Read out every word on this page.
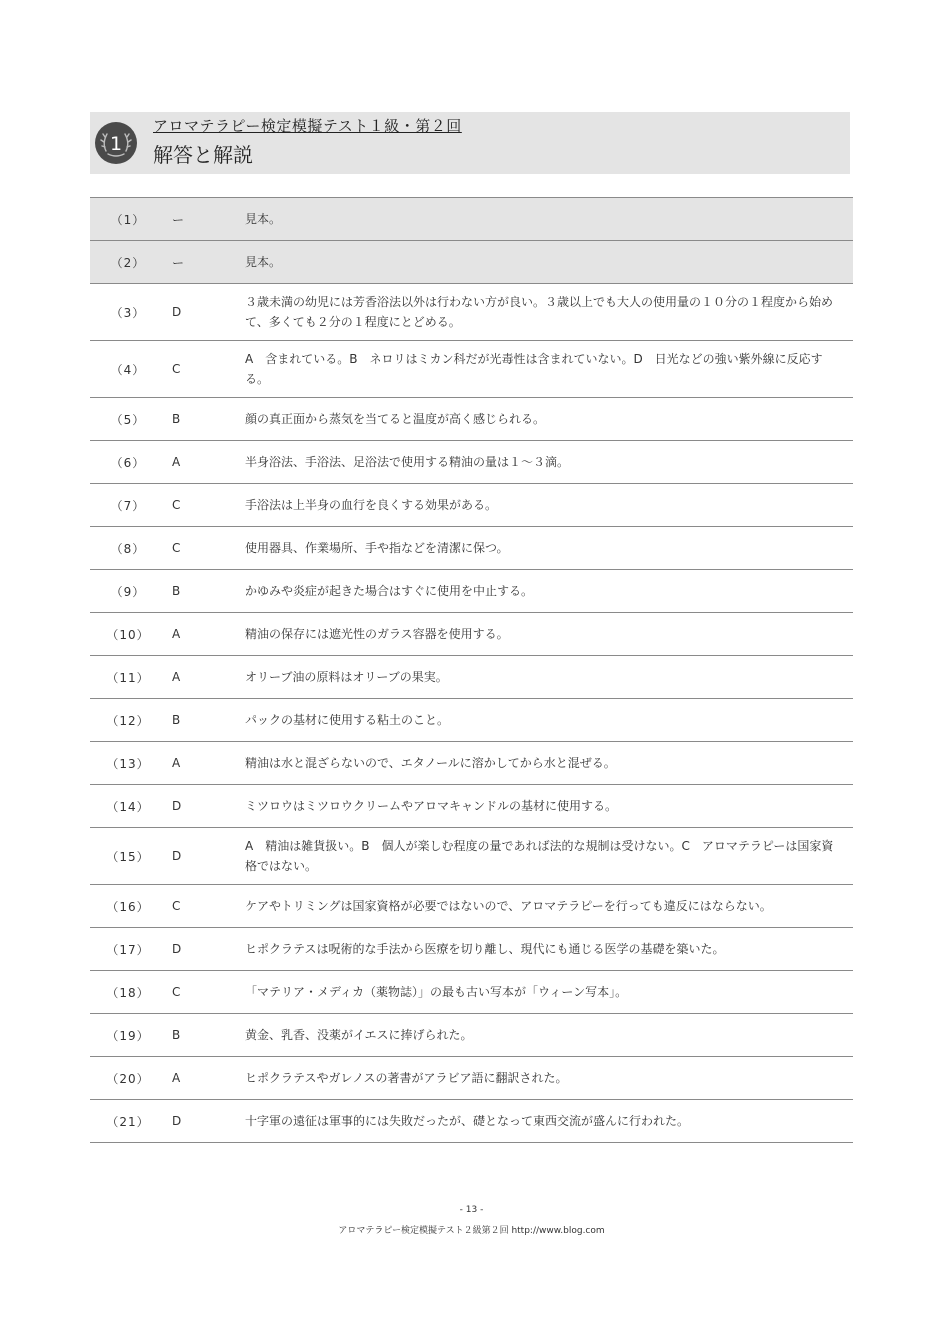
1
アロマテラピー検定模擬テスト１級・第２回
解答と解説
（1）	ー	見本。
（2）	ー	見本。
（3）	D	３歳未満の幼児には芳香浴法以外は行わない方が良い。３歳以上でも大人の使用量の１０分の１程度から始めて、多くても２分の１程度にとどめる。
（4）	C	A　含まれている。B　ネロリはミカン科だが光毒性は含まれていない。D　日光などの強い紫外線に反応する。
（5）	B	顔の真正面から蒸気を当てると温度が高く感じられる。
（6）	A	半身浴法、手浴法、足浴法で使用する精油の量は１～３滴。
（7）	C	手浴法は上半身の血行を良くする効果がある。
（8）	C	使用器具、作業場所、手や指などを清潔に保つ。
（9）	B	かゆみや炎症が起きた場合はすぐに使用を中止する。
（10）	A	精油の保存には遮光性のガラス容器を使用する。
（11）	A	オリーブ油の原料はオリーブの果実。
（12）	B	パックの基材に使用する粘土のこと。
（13）	A	精油は水と混ざらないので、エタノールに溶かしてから水と混ぜる。
（14）	D	ミツロウはミツロウクリームやアロマキャンドルの基材に使用する。
（15）	D	A　精油は雑貨扱い。B　個人が楽しむ程度の量であれば法的な規制は受けない。C　アロマテラピーは国家資格ではない。
（16）	C	ケアやトリミングは国家資格が必要ではないので、アロマテラピーを行っても違反にはならない。
（17）	D	ヒポクラテスは呪術的な手法から医療を切り離し、現代にも通じる医学の基礎を築いた。
（18）	C	「マテリア・メディカ（薬物誌）」の最も古い写本が「ウィーン写本」。
（19）	B	黄金、乳香、没薬がイエスに捧げられた。
（20）	A	ヒポクラテスやガレノスの著書がアラビア語に翻訳された。
（21）	D	十字軍の遠征は軍事的には失敗だったが、礎となって東西交流が盛んに行われた。
- 13 -
アロマテラピー検定模擬テスト２級第２回 http://www.blog.com
